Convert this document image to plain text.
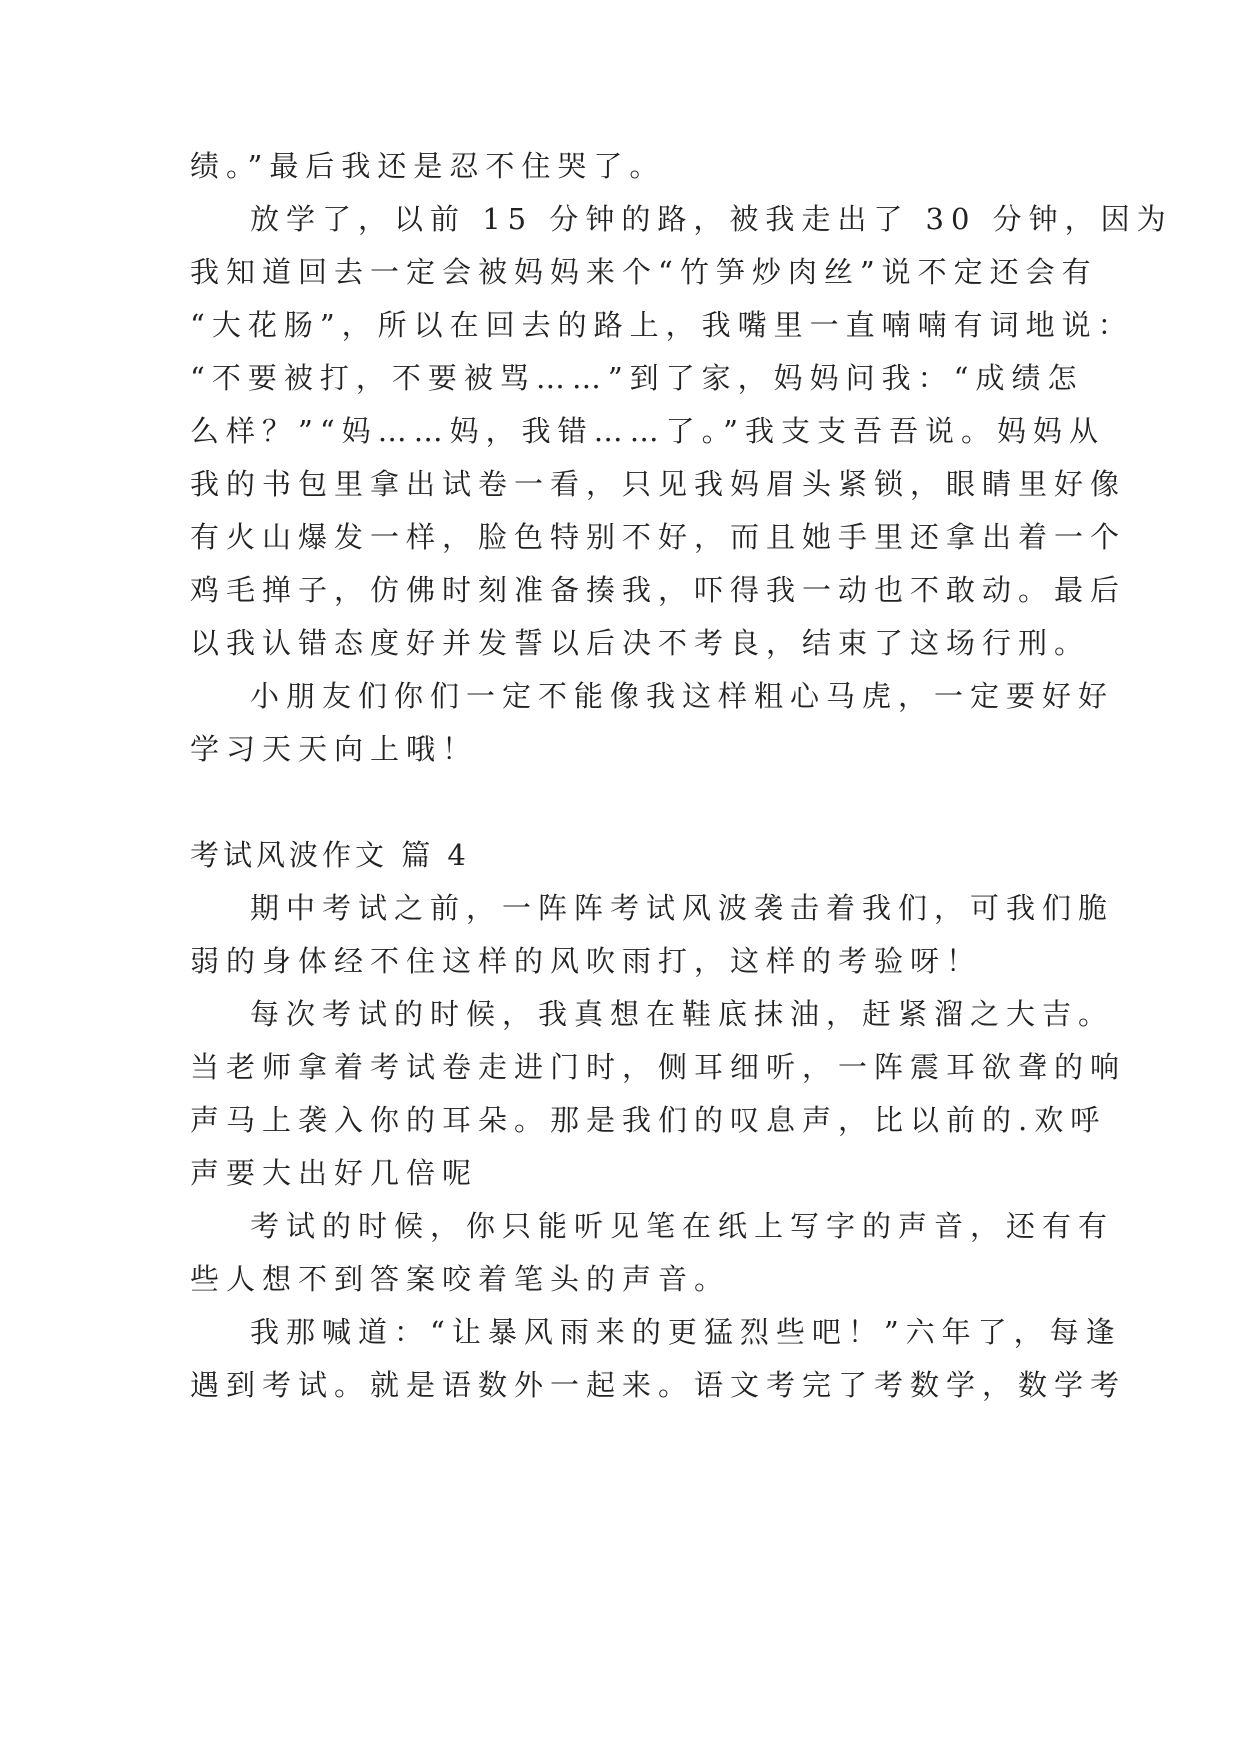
绩。”最后我还是忍不住哭了。
放学了，以前 15 分钟的路，被我走出了 30 分钟，因为
我知道回去一定会被妈妈来个“竹笋炒肉丝”说不定还会有
“大花肠”，所以在回去的路上，我嘴里一直喃喃有词地说：
“不要被打，不要被骂……”到了家，妈妈问我：“成绩怎
么样？”“妈……妈，我错……了。”我支支吾吾说。妈妈从
我的书包里拿出试卷一看，只见我妈眉头紧锁，眼睛里好像
有火山爆发一样，脸色特别不好，而且她手里还拿出着一个
鸡毛掸子，仿佛时刻准备揍我，吓得我一动也不敢动。最后
以我认错态度好并发誓以后决不考良，结束了这场行刑。
小朋友们你们一定不能像我这样粗心马虎，一定要好好
学习天天向上哦！
考试风波作文 篇 4
期中考试之前，一阵阵考试风波袭击着我们，可我们脆
弱的身体经不住这样的风吹雨打，这样的考验呀！
每次考试的时候，我真想在鞋底抹油，赶紧溜之大吉。
当老师拿着考试卷走进门时，侧耳细听，一阵震耳欲聋的响
声马上袭入你的耳朵。那是我们的叹息声，比以前的.欢呼
声要大出好几倍呢
考试的时候，你只能听见笔在纸上写字的声音，还有有
些人想不到答案咬着笔头的声音。
我那喊道：“让暴风雨来的更猛烈些吧！”六年了，每逢
遇到考试。就是语数外一起来。语文考完了考数学，数学考
